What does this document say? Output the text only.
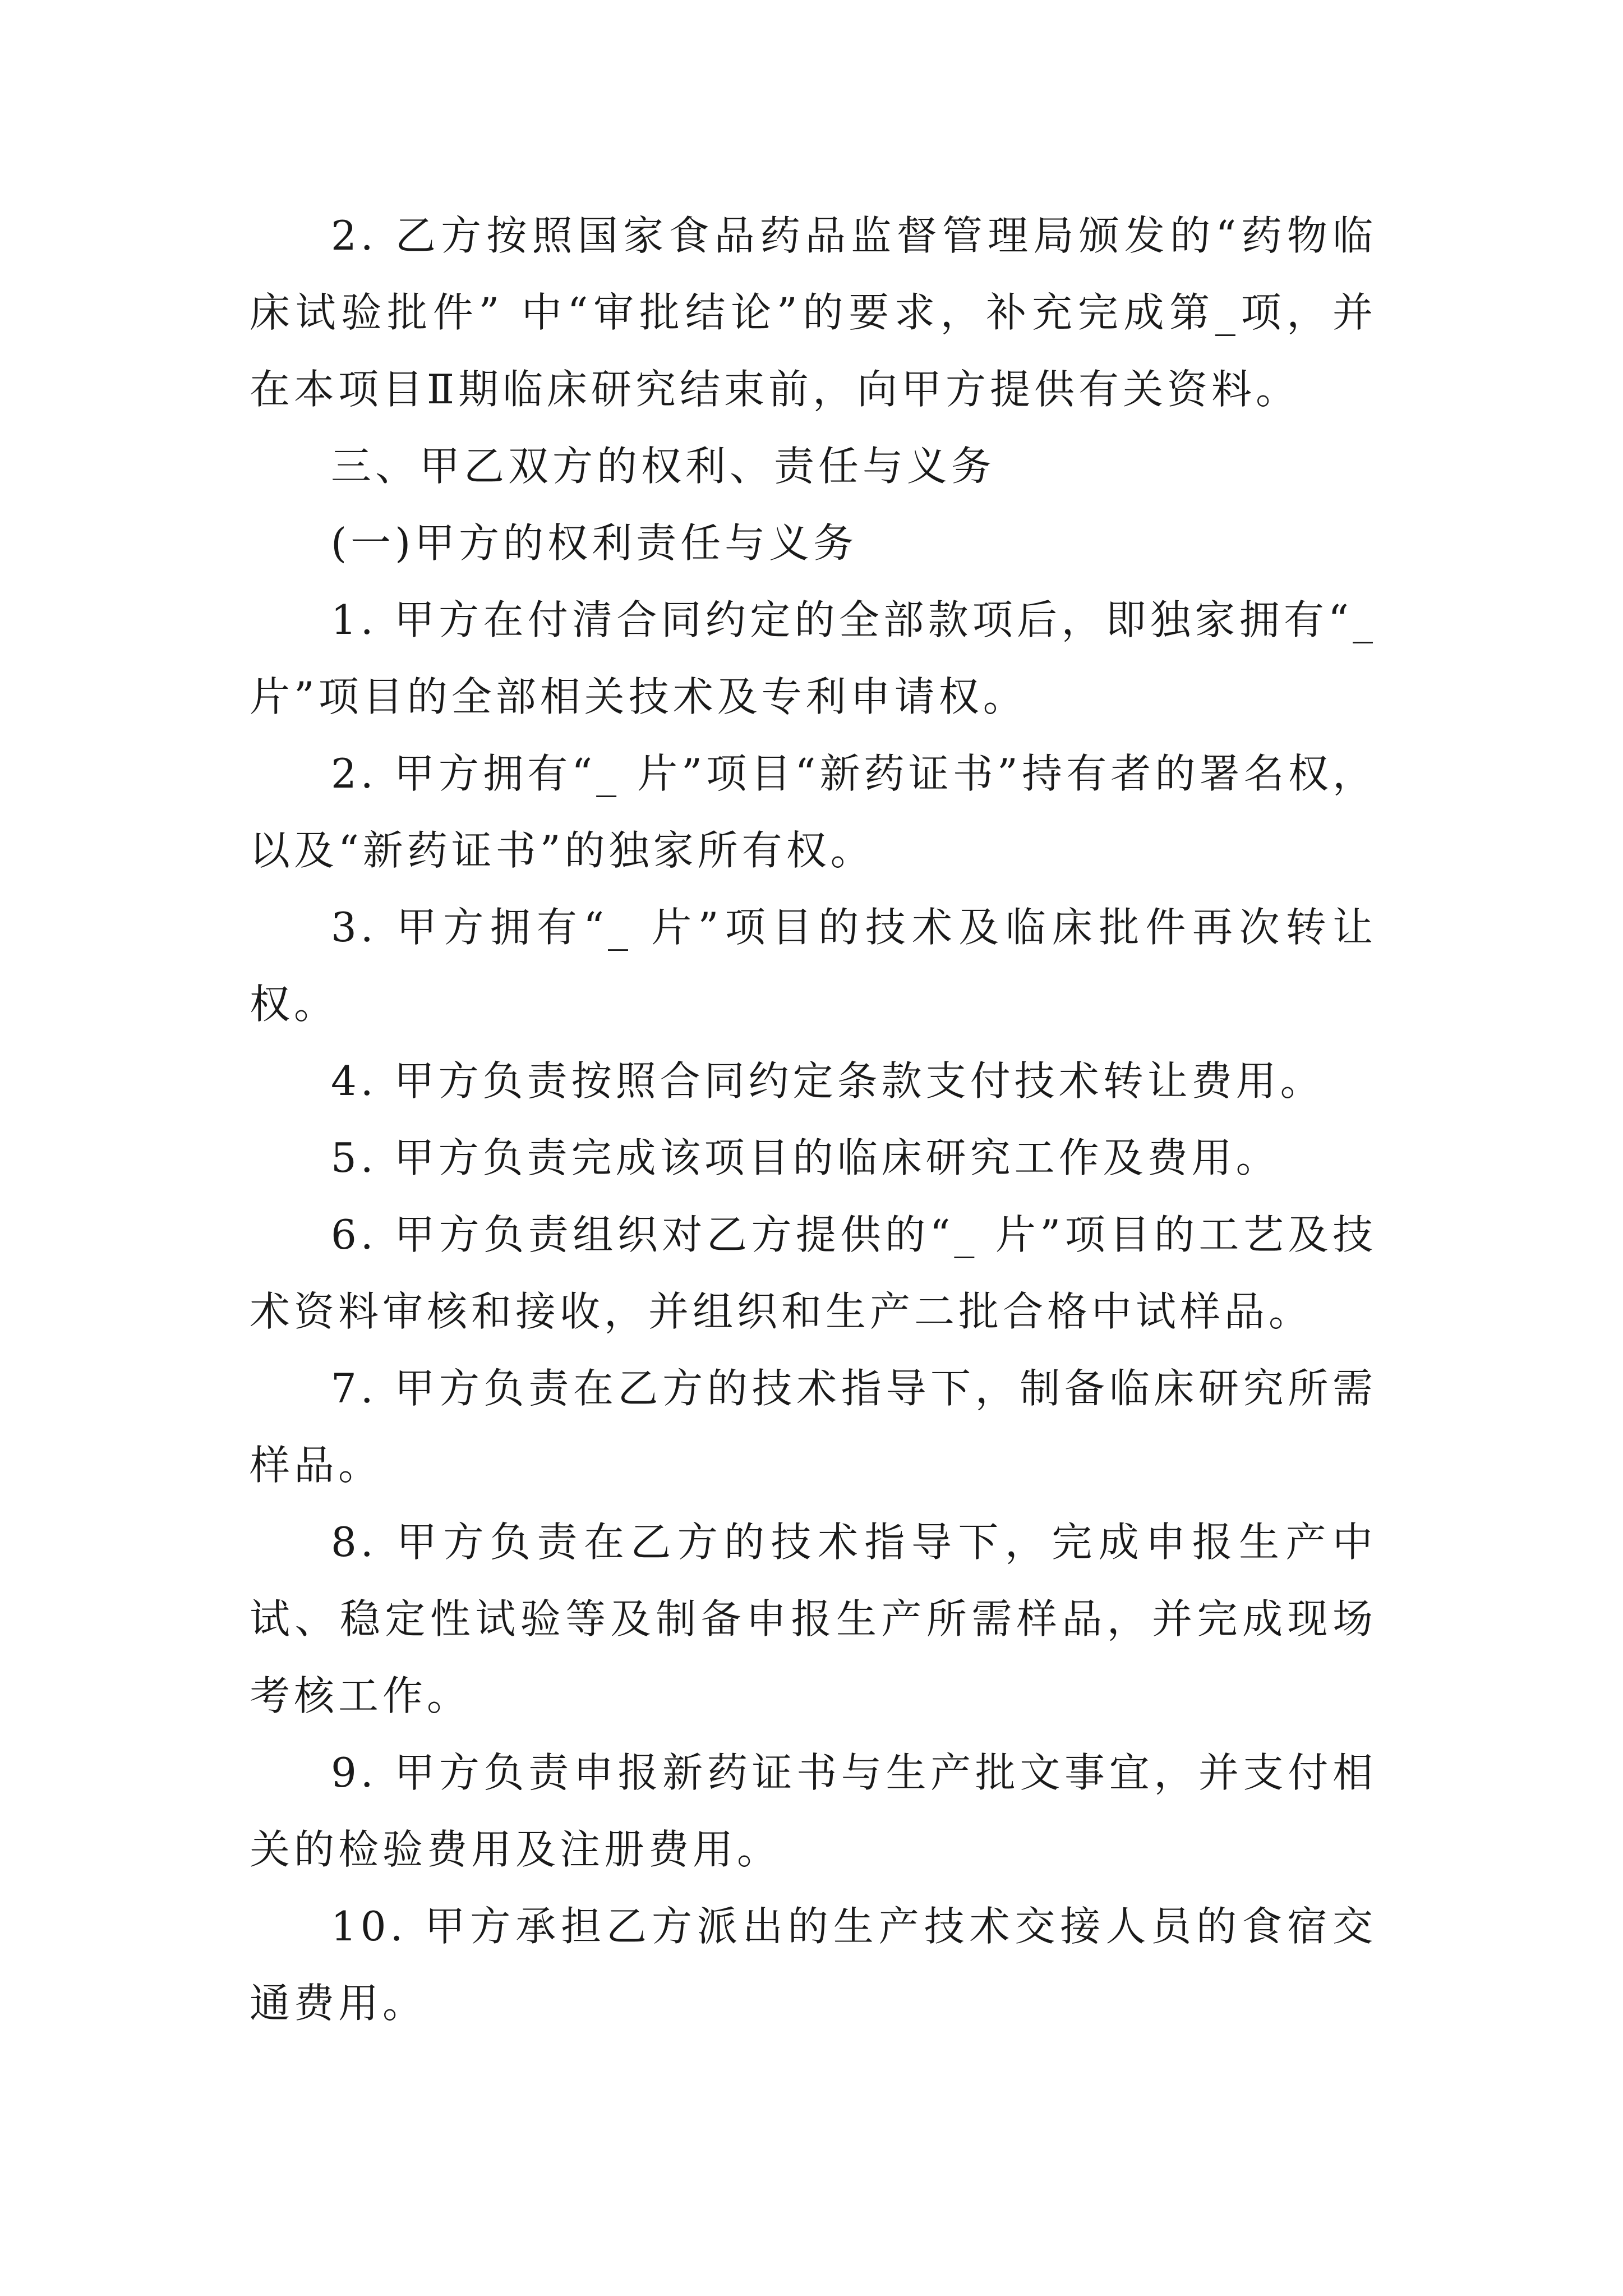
2. 乙方按照国家食品药品监督管理局颁发的“药物临床试验批件” 中“审批结论”的要求，补充完成第_项，并在本项目Ⅱ期临床研究结束前，向甲方提供有关资料。

三、甲乙双方的权利、责任与义务

(一)甲方的权利责任与义务

1. 甲方在付清合同约定的全部款项后，即独家拥有“_片”项目的全部相关技术及专利申请权。

2. 甲方拥有“_ 片”项目“新药证书”持有者的署名权，以及“新药证书”的独家所有权。

3. 甲方拥有“_ 片”项目的技术及临床批件再次转让权。

4. 甲方负责按照合同约定条款支付技术转让费用。

5. 甲方负责完成该项目的临床研究工作及费用。

6. 甲方负责组织对乙方提供的“_ 片”项目的工艺及技术资料审核和接收，并组织和生产二批合格中试样品。

7. 甲方负责在乙方的技术指导下，制备临床研究所需样品。

8. 甲方负责在乙方的技术指导下，完成申报生产中试、稳定性试验等及制备申报生产所需样品，并完成现场考核工作。

9. 甲方负责申报新药证书与生产批文事宜，并支付相关的检验费用及注册费用。

10. 甲方承担乙方派出的生产技术交接人员的食宿交通费用。
